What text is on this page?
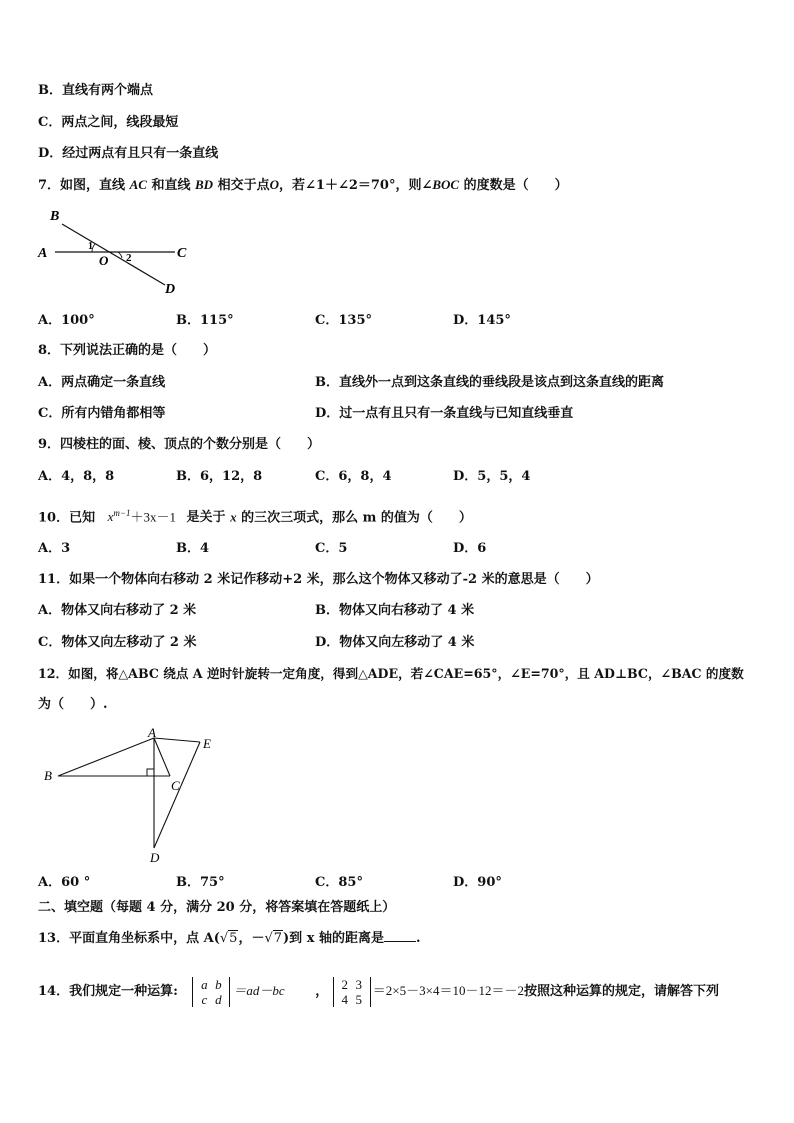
B．直线有两个端点
C．两点之间，线段最短
D．经过两点有且只有一条直线
7．如图，直线 AC 和直线 BD 相交于点O，若∠1＋∠2＝70°，则∠BOC 的度数是（　　）
B
A	C
D
O
1
2
A．100°	B．115°	C．135°	D．145°
8．下列说法正确的是（　　）
A．两点确定一条直线	B．直线外一点到这条直线的垂线段是该点到这条直线的距离
C．所有内错角都相等	D．过一点有且只有一条直线与已知直线垂直
9．四棱柱的面、棱、顶点的个数分别是（　　）
A．4，8，8	B．6，12，8	C．6，8，4	D．5，5，4
10．已知 $x^{m-1}+3x-1$ 是关于 x 的三次三项式，那么 m 的值为（　　）
A．3	B．4	C．5	D．6
11．如果一个物体向右移动 2 米记作移动+2 米，那么这个物体又移动了-2 米的意思是（　　）
A．物体又向右移动了 2 米	B．物体又向右移动了 4 米
C．物体又向左移动了 2 米	D．物体又向左移动了 4 米
12．如图，将△ABC 绕点 A 逆时针旋转一定角度，得到△ADE，若∠CAE=65°，∠E=70°，且 AD⊥BC，∠BAC 的度数
为（　　）.
A
B
C
D
E
A．60 °	B．75°	C．85°	D．90°
二、填空题（每题 4 分，满分 20 分，将答案填在答题纸上）
13．平面直角坐标系中，点 A(√5，－√7)到 x 轴的距离是 .
14．我们规定一种运算: a b
c d
＝ad－bc ， 2 3
4 5
＝2×5－3×4＝10－12＝－2按照这种运算的规定，请解答下列
